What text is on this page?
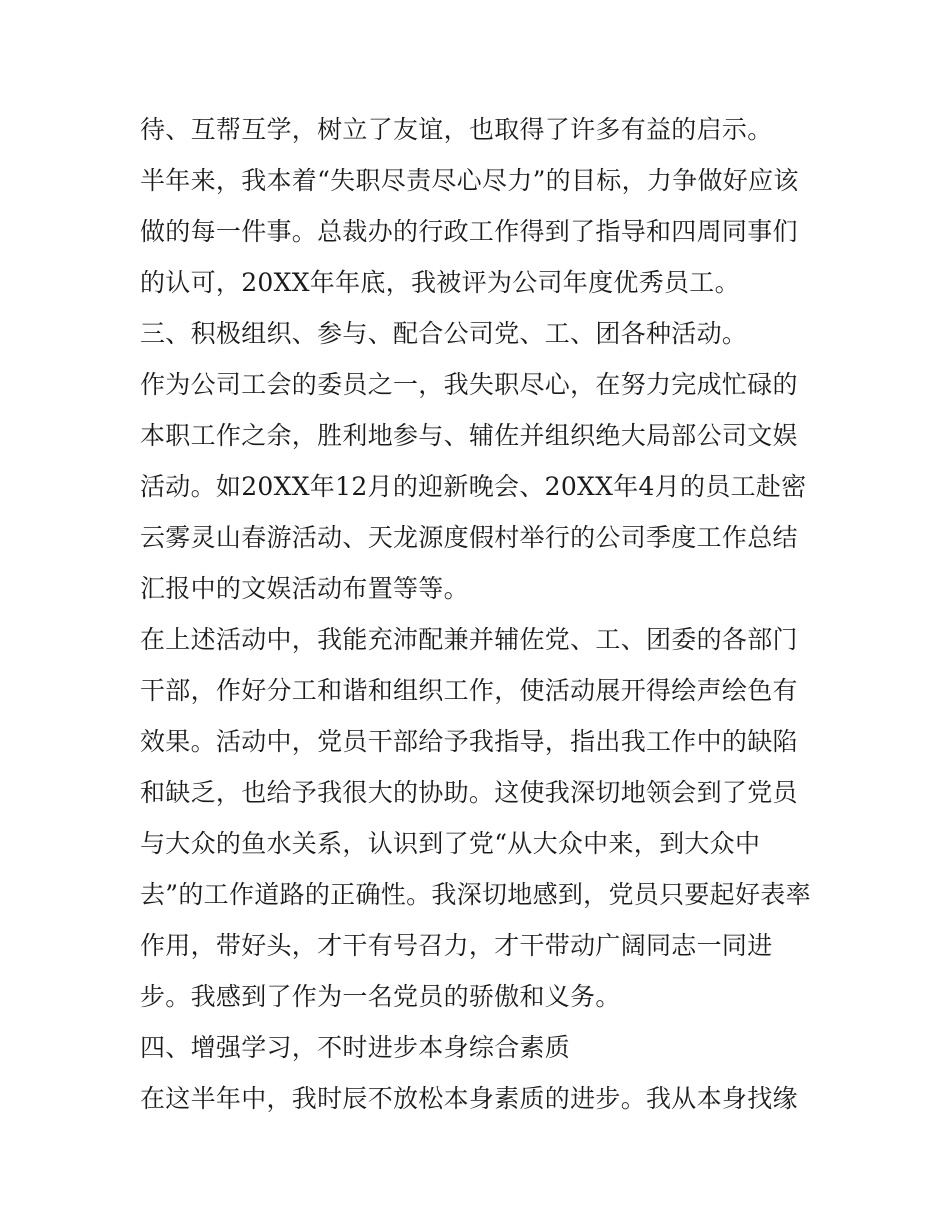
待、互帮互学，树立了友谊，也取得了许多有益的启示。

半年来，我本着“失职尽责尽心尽力”的目标，力争做好应该做的每一件事。总裁办的行政工作得到了指导和四周同事们的认可，20XX年年底，我被评为公司年度优秀员工。

三、积极组织、参与、配合公司党、工、团各种活动。

作为公司工会的委员之一，我失职尽心，在努力完成忙碌的本职工作之余，胜利地参与、辅佐并组织绝大局部公司文娱活动。如20XX年12月的迎新晚会、20XX年4月的员工赴密云雾灵山春游活动、天龙源度假村举行的公司季度工作总结汇报中的文娱活动布置等等。

在上述活动中，我能充沛配兼并辅佐党、工、团委的各部门干部，作好分工和谐和组织工作，使活动展开得绘声绘色有效果。活动中，党员干部给予我指导，指出我工作中的缺陷和缺乏，也给予我很大的协助。这使我深切地领会到了党员与大众的鱼水关系，认识到了党“从大众中来，到大众中去”的工作道路的正确性。我深切地感到，党员只要起好表率作用，带好头，才干有号召力，才干带动广阔同志一同进步。我感到了作为一名党员的骄傲和义务。

四、增强学习，不时进步本身综合素质

在这半年中，我时辰不放松本身素质的进步。我从本身找缘
